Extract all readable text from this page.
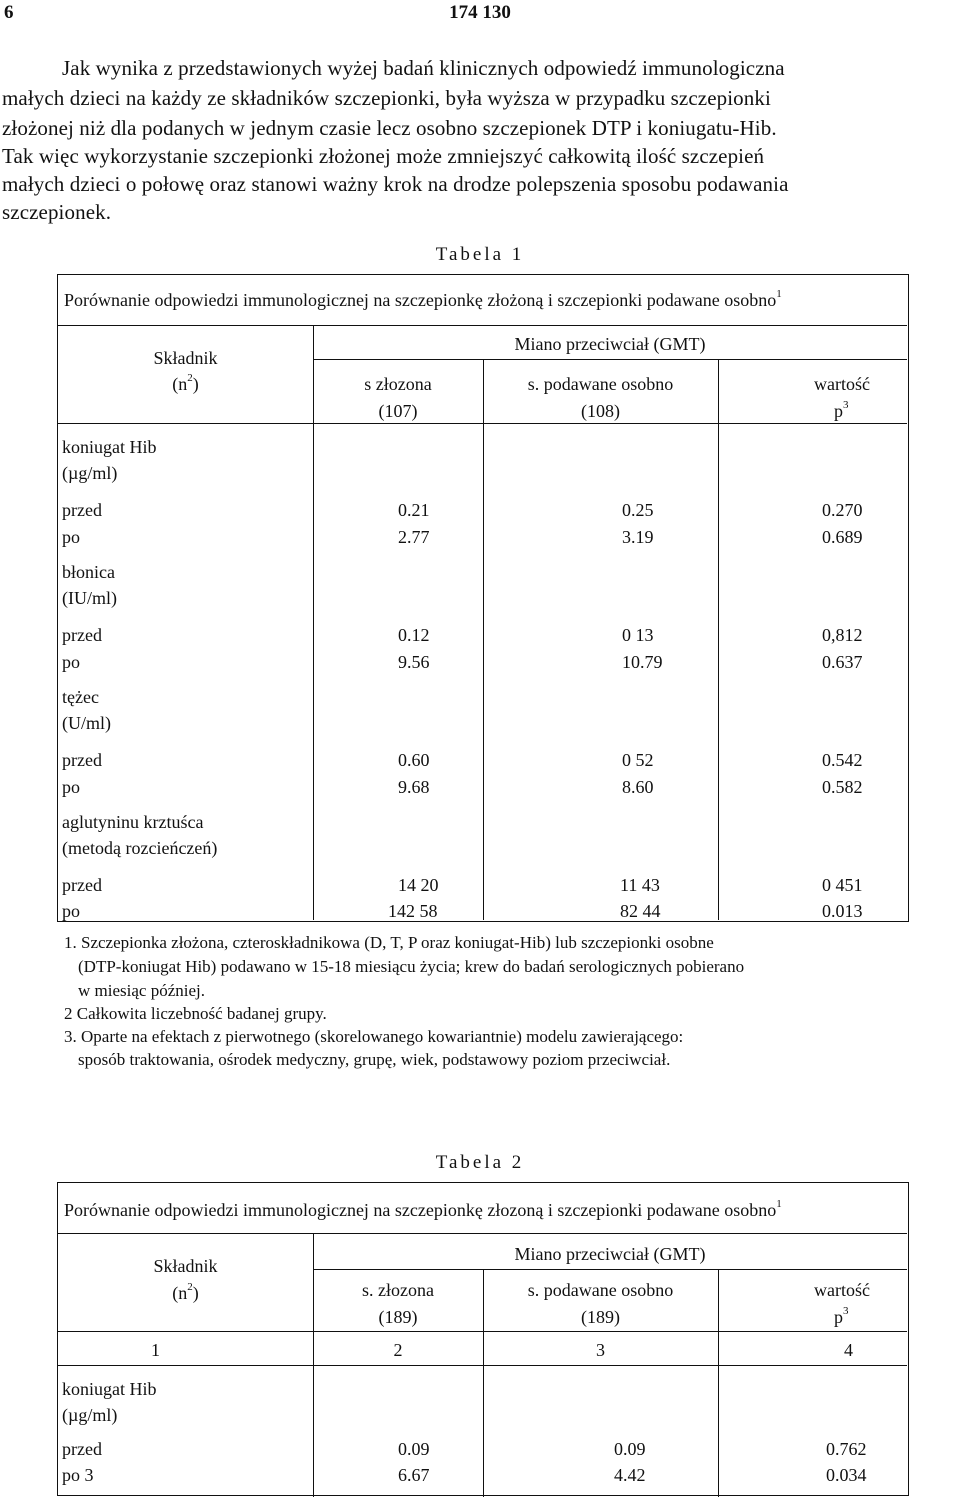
6	174 130
Jak wynika z przedstawionych wyżej badań klinicznych odpowiedź immunologiczna
małych dzieci na każdy ze składników szczepionki, była wyższa w przypadku szczepionki
złożonej niż dla podanych w jednym czasie lecz osobno szczepionek DTP i koniugatu-Hib.
Tak więc wykorzystanie szczepionki złożonej może zmniejszyć całkowitą ilość szczepień
małych dzieci o połowę oraz stanowi ważny krok na drodze polepszenia sposobu podawania
szczepionek.
Tabela 1
Porównanie odpowiedzi immunologicznej na szczepionkę złożoną i szczepionki podawane osobno$^1$
Składnik
$(n^2)$
Miano przeciwciał (GMT)
s złozona
(107)
s. podawane osobno
(108)
wartość
$p^3$
koniugat Hib
(µg/ml)
przed	0.21	0.25	0.270
po	2.77	3.19	0.689
błonica
(IU/ml)
przed	0.12	0 13	0,812
po	9.56	10.79	0.637
tężec
(U/ml)
przed	0.60	0 52	0.542
po	9.68	8.60	0.582
aglutyninu krztuśca
(metodą rozcieńczeń)
przed	14 20	11 43	0 451
po	142 58	82 44	0.013
1. Szczepionka złożona, czteroskładnikowa (D, T, P oraz koniugat-Hib) lub szczepionki osobne
(DTP-koniugat Hib) podawano w 15-18 miesiącu życia; krew do badań serologicznych pobierano
w miesiąc później.
2 Całkowita liczebność badanej grupy.
3. Oparte na efektach z pierwotnego (skorelowanego kowariantnie) modelu zawierającego:
sposób traktowania, ośrodek medyczny, grupę, wiek, podstawowy poziom przeciwciał.
Tabela 2
Porównanie odpowiedzi immunologicznej na szczepionkę złozoną i szczepionki podawane osobno$^1$
Składnik
$(n^2)$
Miano przeciwciał (GMT)
s. złozona
(189)
s. podawane osobno
(189)
wartość
$p^3$
1	2	3	4
koniugat Hib
(µg/ml)
przed	0.09	0.09	0.762
po 3	6.67	4.42	0.034
